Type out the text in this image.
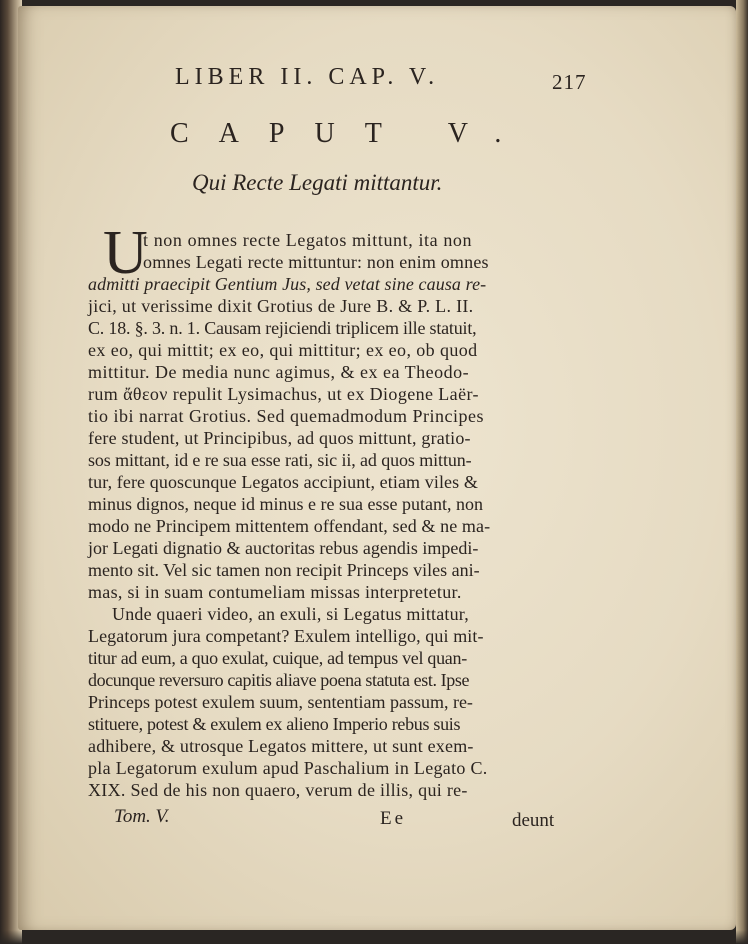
LIBER II. CAP. V.	217
CAPUT V.
Qui Recte Legati mittantur.
U
t non omnes recte Legatos mittunt, ita non
omnes Legati recte mittuntur: non enim omnes
admitti praecipit Gentium Jus, sed vetat sine causa re-
jici, ut verissime dixit Grotius de Jure B. & P. L. II.
C. 18. §. 3. n. 1. Causam rejiciendi triplicem ille statuit,
ex eo, qui mittit; ex eo, qui mittitur; ex eo, ob quod
mittitur. De media nunc agimus, & ex ea Theodo-
rum ἄθεον repulit Lysimachus, ut ex Diogene Laër-
tio ibi narrat Grotius. Sed quemadmodum Principes
fere student, ut Principibus, ad quos mittunt, gratio-
sos mittant, id e re sua esse rati, sic ii, ad quos mittun-
tur, fere quoscunque Legatos accipiunt, etiam viles &
minus dignos, neque id minus e re sua esse putant, non
modo ne Principem mittentem offendant, sed & ne ma-
jor Legati dignatio & auctoritas rebus agendis impedi-
mento sit. Vel sic tamen non recipit Princeps viles ani-
mas, si in suam contumeliam missas interpretetur.
Unde quaeri video, an exuli, si Legatus mittatur,
Legatorum jura competant? Exulem intelligo, qui mit-
titur ad eum, a quo exulat, cuique, ad tempus vel quan-
docunque reversuro capitis aliave poena statuta est. Ipse
Princeps potest exulem suum, sententiam passum, re-
stituere, potest & exulem ex alieno Imperio rebus suis
adhibere, & utrosque Legatos mittere, ut sunt exem-
pla Legatorum exulum apud Paschalium in Legato C.
XIX. Sed de his non quaero, verum de illis, qui re-
Tom. V.	Ee	deunt
